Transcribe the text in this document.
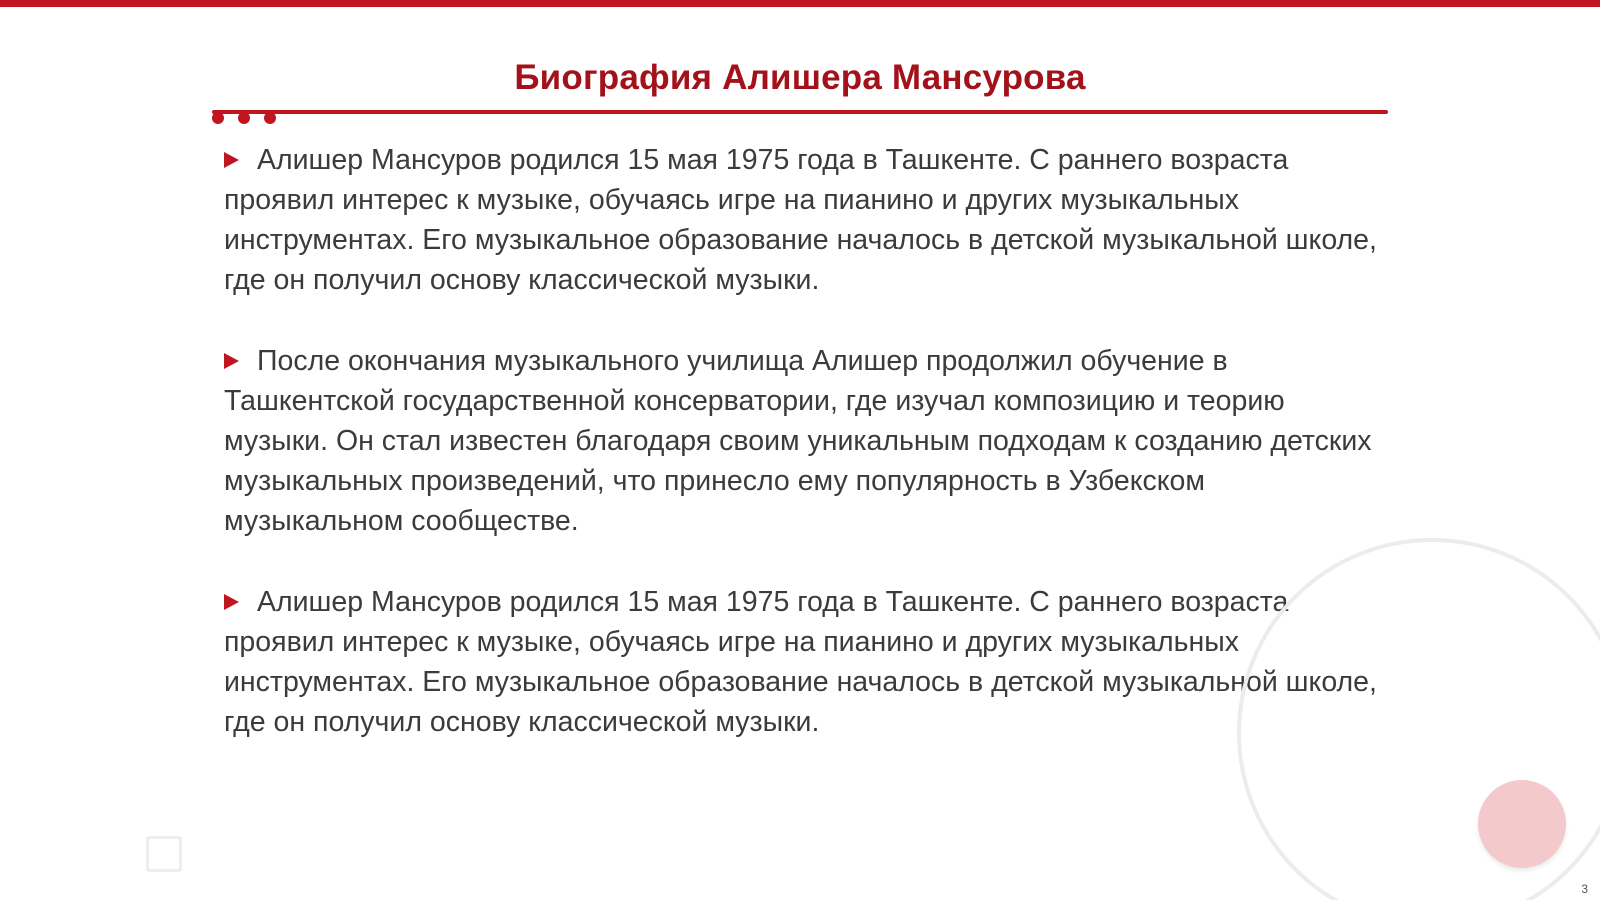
Биография Алишера Мансурова

Алишер Мансуров родился 15 мая 1975 года в Ташкенте. С раннего возраста проявил интерес к музыке, обучаясь игре на пианино и других музыкальных инструментах. Его музыкальное образование началось в детской музыкальной школе, где он получил основу классической музыки.

После окончания музыкального училища Алишер продолжил обучение в Ташкентской государственной консерватории, где изучал композицию и теорию музыки. Он стал известен благодаря своим уникальным подходам к созданию детских музыкальных произведений, что принесло ему популярность в Узбекском музыкальном сообществе.

Алишер Мансуров родился 15 мая 1975 года в Ташкенте. С раннего возраста проявил интерес к музыке, обучаясь игре на пианино и других музыкальных инструментах. Его музыкальное образование началось в детской музыкальной школе, где он получил основу классической музыки.

3
